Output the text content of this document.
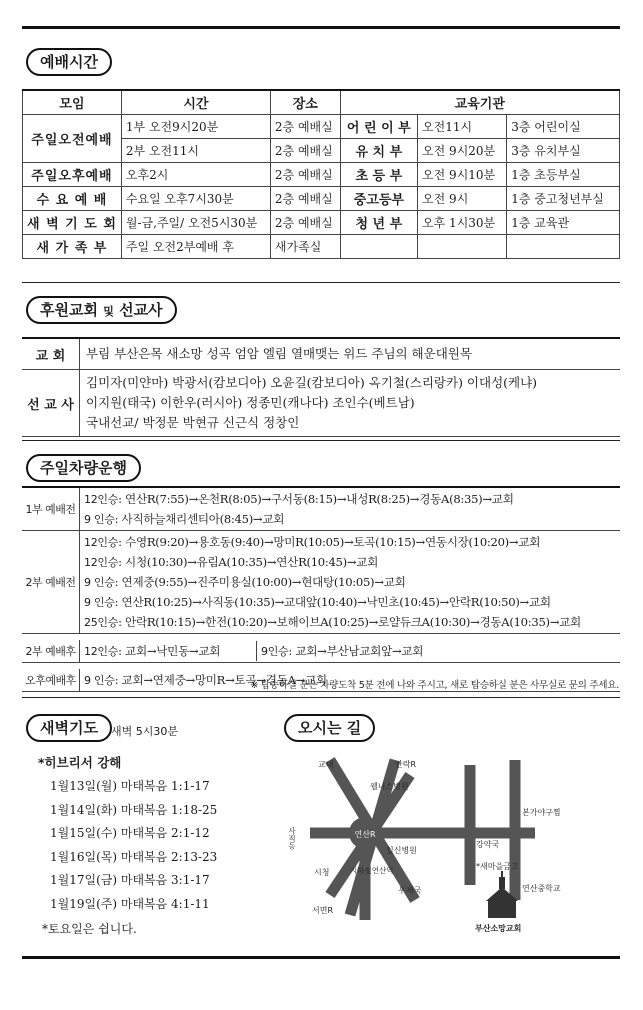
예배시간
모임	시간	장소	교육기관		
주일오전예배	1부 오전9시20분	2층 예배실	어 린 이 부	오전11시	3층 어린이실
	2부 오전11시	2층 예배실	유 치 부	오전 9시20분	3층 유치부실
주일오후예배	오후2시	2층 예배실	초 등 부	오전 9시10분	1층 초등부실
수 요 예 배	수요일 오후7시30분	2층 예배실	중고등부	오전 9시	1층 중고청년부실
새 벽 기 도 회	월-금,주일/ 오전5시30분	2층 예배실	청 년 부	오후 1시30분	1층 교육관
새 가 족 부	주일 오전2부예배 후	새가족실			
후원교회 및 선교사
교 회	부림 부산은목 새소망 성곡 엄암 엘림 열매맺는 위드 주님의 해운대원목
선 교 사
김미자(미얀마) 박광서(캄보디아) 오윤길(캄보디아) 옥기철(스리랑카) 이대성(케냐)
이지원(태국) 이한우(러시아) 정종민(캐나다) 조인수(베트남)
국내선교/ 박정문 박현규 신근식 정창인
주일차량운행
1부 예배전
12인승: 연산R(7:55)→온천R(8:05)→구서동(8:15)→내성R(8:25)→경동A(8:35)→교회
9 인승: 사직하늘채리센티아(8:45)→교회
2부 예배전
12인승: 수영R(9:20)→용호동(9:40)→망미R(10:05)→토곡(10:15)→연동시장(10:20)→교회
12인승: 시청(10:30)→유림A(10:35)→연산R(10:45)→교회
9 인승: 연제중(9:55)→진주미용실(10:00)→현대탕(10:05)→교회
9 인승: 연산R(10:25)→사직동(10:35)→교대앞(10:40)→낙민초(10:45)→안락R(10:50)→교회
25인승: 안락R(10:15)→한전(10:20)→보해이브A(10:25)→로얄듀크A(10:30)→경동A(10:35)→교회
2부 예배후 12인승: 교회→낙민동→교회	9인승: 교회→부산남교회앞→교회
오후예배후 9 인승: 교회→연제중→망미R→토곡→경동A→교회
※ 탑승하실 분은 차량도착 5분 전에 나와 주시고, 새로 탑승하실 분은 사무실로 문의 주세요.
새벽기도	새벽 5시30분
*히브리서 강해
1월13일(월) 마태복음 1:1-17
1월14일(화) 마태복음 1:18-25
1월15일(수) 마태복음 2:1-12
1월16일(목) 마태복음 2:13-23
1월17일(금) 마태복음 3:1-17
1월19일(주) 마태복음 4:1-11
*토요일은 쉽니다.
오시는 길
연산R
교대	안락R
웰니스병원
사직동
일신병원
시청	지하철연산역
우체국
서면R
본가야구찜
강약국
*새마을금고
연산중학교
부산소망교회
